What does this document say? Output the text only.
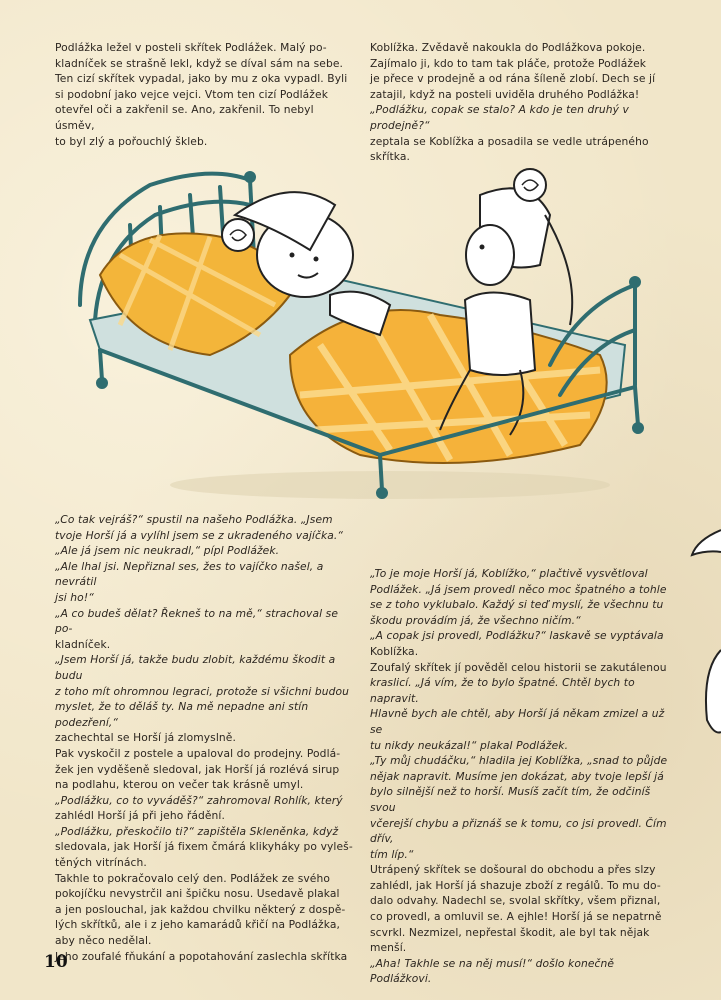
Podlážka ležel v posteli skřítek Podlážek. Malý po-

kladníček se strašně lekl, když se díval sám na sebe.

Ten cizí skřítek vypadal, jako by mu z oka vypadl. Byli

si podobní jako vejce vejci. Vtom ten cizí Podlážek

otevřel oči a zakřenil se. Ano, zakřenil. To nebyl úsměv,

to byl zlý a pořouchlý škleb.

Koblížka. Zvědavě nakoukla do Podlážkova pokoje.

Zajímalo ji, kdo to tam tak pláče, protože Podlážek

je přece v prodejně a od rána šíleně zlobí. Dech se jí

zatajil, když na posteli uviděla druhého Podlážka!

„Podlážku, copak se stalo? A kdo je ten druhý v prodejně?“

zeptala se Koblížka a posadila se vedle utrápeného

skřítka.

„Co tak vejráš?“ spustil na našeho Podlážka. „Jsem

tvoje Horší já a vylíhl jsem se z ukradeného vajíčka.“

„Ale já jsem nic neukradl,“ pípl Podlážek.

„Ale lhal jsi. Nepřiznal ses, žes to vajíčko našel, a nevrátil

jsi ho!“

„A co budeš dělat? Řekneš to na mě,“ strachoval se po-

kladníček.

„Jsem Horší já, takže budu zlobit, každému škodit a budu

z toho mít ohromnou legraci, protože si všichni budou

myslet, že to děláš ty. Na mě nepadne ani stín podezření,“

zachechtal se Horší já zlomyslně.

Pak vyskočil z postele a upaloval do prodejny. Podlá-

žek jen vyděšeně sledoval, jak Horší já rozlévá sirup

na podlahu, kterou on večer tak krásně umyl.

„Podlážku, co to vyváděš?“ zahromoval Rohlík, který

zahlédl Horší já při jeho řádění.

„Podlážku, přeskočilo ti?“ zapištěla Skleněnka, když

sledovala, jak Horší já fixem čmárá klikyháky po vyleš-

těných vitrínách.

Takhle to pokračovalo celý den. Podlážek ze svého

pokojíčku nevystrčil ani špičku nosu. Usedavě plakal

a jen poslouchal, jak každou chvilku některý z dospě-

lých skřítků, ale i z jeho kamarádů křičí na Podlážka,

aby něco nedělal.

Jeho zoufalé fňukání a popotahování zaslechla skřítka

„To je moje Horší já, Koblížko,“ plačtivě vysvětloval

Podlážek. „Já jsem provedl něco moc špatného a tohle

se z toho vyklubalo. Každý si teď myslí, že všechnu tu

škodu provádím já, že všechno ničím.“

„A copak jsi provedl, Podlážku?“ laskavě se vyptávala

Koblížka.

Zoufalý skřítek jí pověděl celou historii se zakutálenou

kraslicí. „Já vím, že to bylo špatné. Chtěl bych to napravit.

Hlavně bych ale chtěl, aby Horší já někam zmizel a už se

tu nikdy neukázal!“ plakal Podlážek.

„Ty můj chudáčku,“ hladila jej Koblížka, „snad to půjde

nějak napravit. Musíme jen dokázat, aby tvoje lepší já

bylo silnější než to horší. Musíš začít tím, že odčiníš svou

včerejší chybu a přiznáš se k tomu, co jsi provedl. Čím dřív,

tím líp.“

Utrápený skřítek se došoural do obchodu a přes slzy

zahlédl, jak Horší já shazuje zboží z regálů. To mu do-

dalo odvahy. Nadechl se, svolal skřítky, všem přiznal,

co provedl, a omluvil se. A ejhle! Horší já se nepatrně

scvrkl. Nezmizel, nepřestal škodit, ale byl tak nějak

menší.

„Aha! Takhle se na něj musí!“ došlo konečně Podlážkovi.

10
